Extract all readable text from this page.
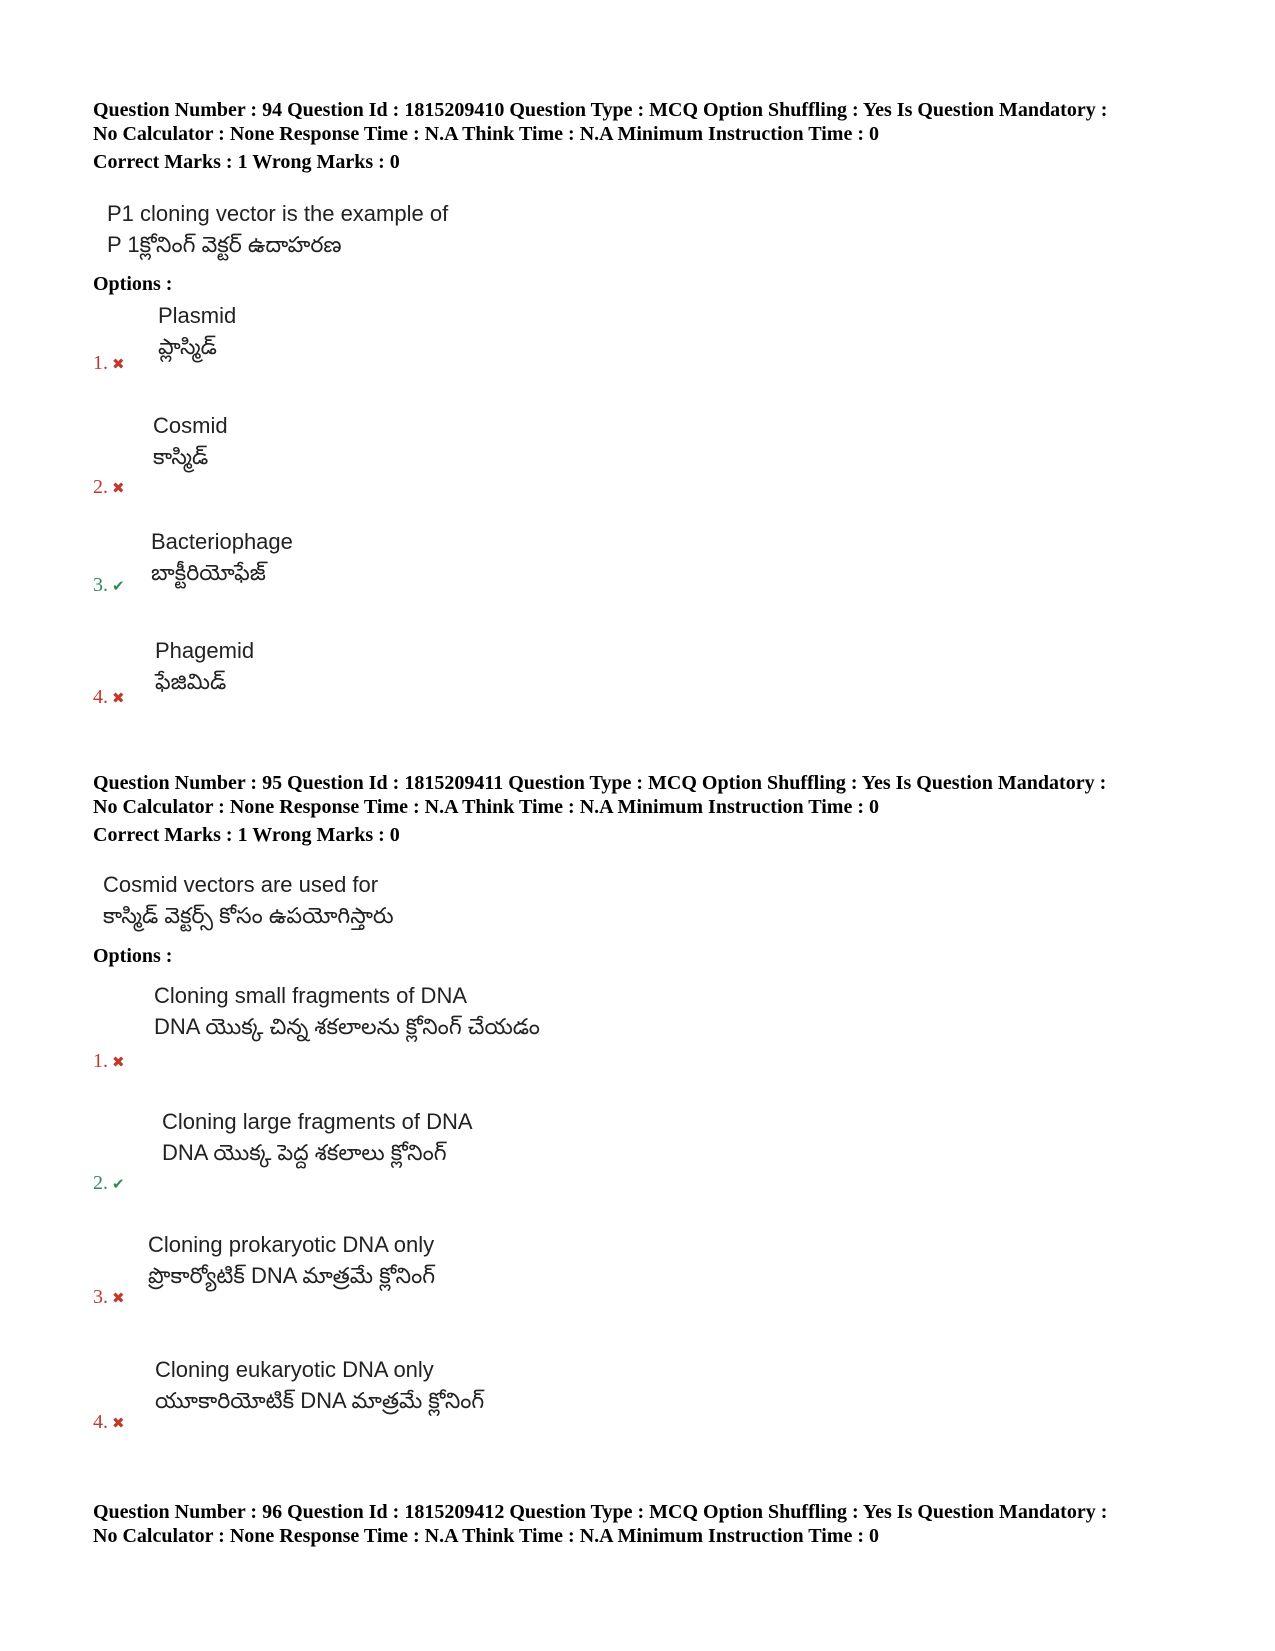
Question Number : 94 Question Id : 1815209410 Question Type : MCQ Option Shuffling : Yes Is Question Mandatory :

No Calculator : None Response Time : N.A Think Time : N.A Minimum Instruction Time : 0

Correct Marks : 1 Wrong Marks : 0

P1 cloning vector is the example of
P 1క్లోనింగ్ వెక్టర్ ఉదాహరణ
Options :
Plasmid
ప్లాస్మిడ్
1. ✖
Cosmid
కాస్మిడ్
2. ✖
Bacteriophage
బాక్టీరియోఫేజ్
3. ✔
Phagemid
ఫేజిమిడ్
4. ✖

Question Number : 95 Question Id : 1815209411 Question Type : MCQ Option Shuffling : Yes Is Question Mandatory :

No Calculator : None Response Time : N.A Think Time : N.A Minimum Instruction Time : 0

Correct Marks : 1 Wrong Marks : 0

Cosmid vectors are used for
కాస్మిడ్ వెక్టర్స్ కోసం ఉపయోగిస్తారు
Options :
Cloning small fragments of DNA
DNA యొక్క చిన్న శకలాలను క్లోనింగ్ చేయడం
1. ✖
Cloning large fragments of DNA
DNA యొక్క పెద్ద శకలాలు క్లోనింగ్
2. ✔
Cloning prokaryotic DNA only
ప్రొకార్యోటిక్ DNA మాత్రమే క్లోనింగ్
3. ✖
Cloning eukaryotic DNA only
యూకారియోటిక్ DNA మాత్రమే క్లోనింగ్
4. ✖

Question Number : 96 Question Id : 1815209412 Question Type : MCQ Option Shuffling : Yes Is Question Mandatory :

No Calculator : None Response Time : N.A Think Time : N.A Minimum Instruction Time : 0
